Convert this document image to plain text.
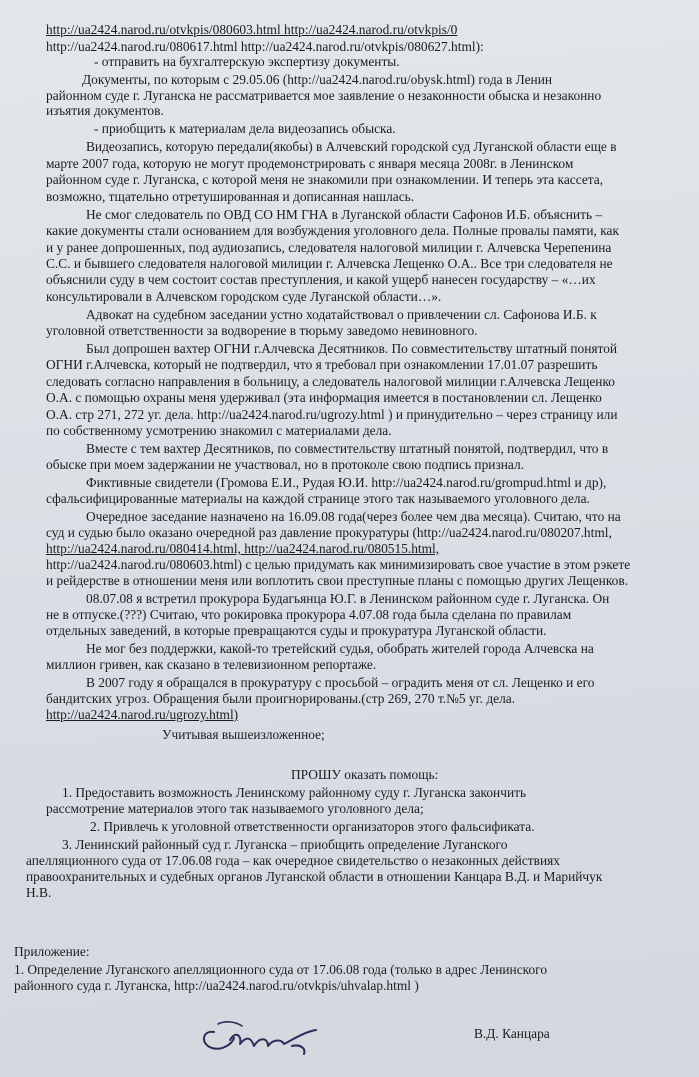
http://ua2424.narod.ru/otvkpis/080603.html http://ua2424.narod.ru/otvkpis/0
http://ua2424.narod.ru/080617.html http://ua2424.narod.ru/otvkpis/080627.html):
- отправить на бухгалтерскую экспертизу документы.
Документы, по которым с 29.05.06 (http://ua2424.narod.ru/obysk.html) года в Ленин
районном суде г. Луганска не рассматривается мое заявление о незаконности обыска и незаконно
изъятия документов.
- приобщить к материалам дела видеозапись обыска.
Видеозапись, которую передали(якобы) в Алчевский городской суд Луганской области еще в
марте 2007 года, которую не могут продемонстрировать с января месяца 2008г. в Ленинском
районном суде г. Луганска, с которой меня не знакомили при ознакомлении. И теперь эта кассета,
возможно, тщательно отретушированная и дописанная нашлась.
Не смог следователь по ОВД СО НМ ГНА в Луганской области Сафонов И.Б. объяснить –
какие документы стали основанием для возбуждения уголовного дела. Полные провалы памяти, как
и у ранее допрошенных, под аудиозапись, следователя налоговой милиции г. Алчевска Черепенина
С.С. и бывшего следователя налоговой милиции г. Алчевска Лещенко О.А.. Все три следователя не
объяснили суду в чем состоит состав преступления, и какой ущерб нанесен государству – «…их
консультировали в Алчевском городском суде Луганской области…».
Адвокат на судебном заседании устно ходатайствовал о привлечении сл. Сафонова И.Б. к
уголовной ответственности за водворение в тюрьму заведомо невиновного.
Был допрошен вахтер ОГНИ г.Алчевска Десятников. По совместительству штатный понятой
ОГНИ г.Алчевска, который не подтвердил, что я требовал при ознакомлении 17.01.07 разрешить
следовать согласно направления в больницу, а следователь налоговой милиции г.Алчевска Лещенко
О.А. с помощью охраны меня удерживал (эта информация имеется в постановлении сл. Лещенко
О.А. стр 271, 272 уг. дела. http://ua2424.narod.ru/ugrozy.html ) и принудительно – через страницу или
по собственному усмотрению знакомил с материалами дела.
Вместе с тем вахтер Десятников, по совместительству штатный понятой, подтвердил, что в
обыске при моем задержании не участвовал, но в протоколе свою подпись признал.
Фиктивные свидетели (Громова Е.И., Рудая Ю.И. http://ua2424.narod.ru/grompud.html и др),
сфальсифицированные материалы на каждой странице этого так называемого уголовного дела.
Очередное заседание назначено на 16.09.08 года(через более чем два месяца). Считаю, что на
суд и судью было оказано очередной раз давление прокуратуры (http://ua2424.narod.ru/080207.html,
http://ua2424.narod.ru/080414.html, http://ua2424.narod.ru/080515.html,
http://ua2424.narod.ru/080603.html) с целью придумать как минимизировать свое участие в этом рэкете
и рейдерстве в отношении меня или воплотить свои преступные планы с помощью других Лещенков.
08.07.08 я встретил прокурора Будагьянца Ю.Г. в Ленинском районном суде г. Луганска. Он
не в отпуске.(???) Считаю, что рокировка прокурора 4.07.08 года была сделана по правилам
отдельных заведений, в которые превращаются суды и прокуратура Луганской области.
Не мог без поддержки, какой-то третейский судья, обобрать жителей города Алчевска на
миллион гривен, как сказано в телевизионном репортаже.
В 2007 году я обращался в прокуратуру с просьбой – оградить меня от сл. Лещенко и его
бандитских угроз. Обращения были проигнорированы.(стр 269, 270 т.№5 уг. дела.
http://ua2424.narod.ru/ugrozy.html)
Учитывая вышеизложенное;
ПРОШУ оказать помощь:
1. Предоставить возможность Ленинскому районному суду г. Луганска закончить
рассмотрение материалов этого так называемого уголовного дела;
2. Привлечь к уголовной ответственности организаторов этого фальсификата.
3. Ленинский районный суд г. Луганска – приобщить определение Луганского
апелляционного суда от 17.06.08 года – как очередное свидетельство о незаконных действиях
правоохранительных и судебных органов Луганской области в отношении Канцара В.Д. и Марийчук
Н.В.
Приложение:
1. Определение Луганского апелляционного суда от 17.06.08 года (только в адрес Ленинского
районного суда г. Луганска, http://ua2424.narod.ru/otvkpis/uhvalap.html )
В.Д. Канцара
